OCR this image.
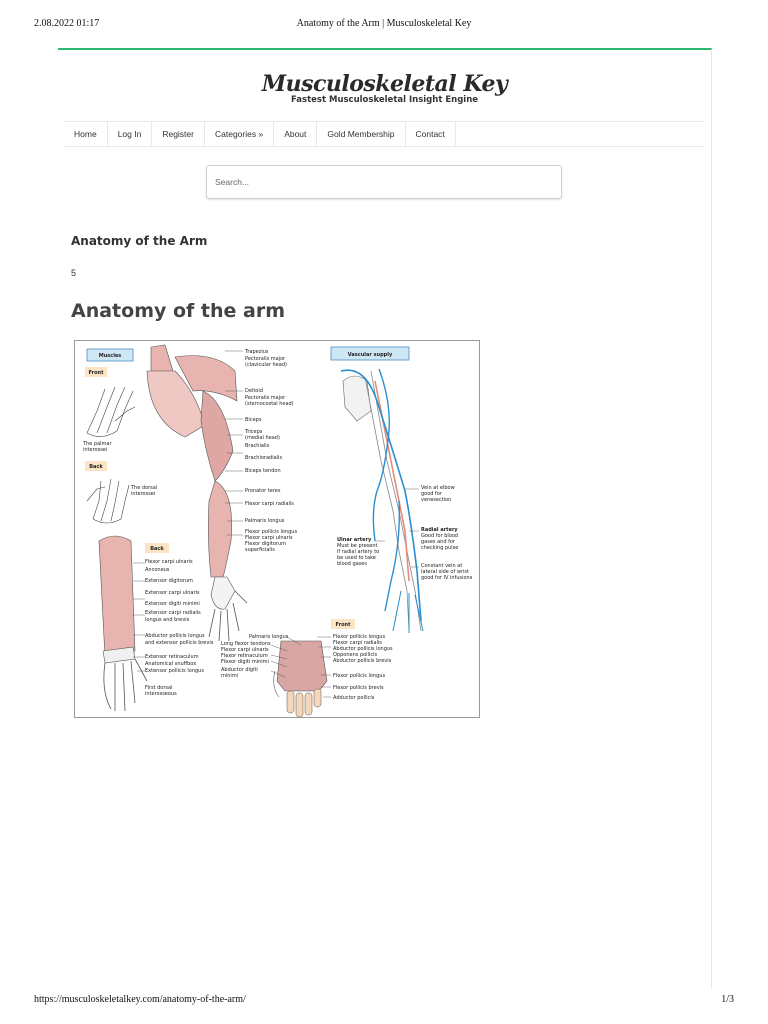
2.08.2022 01:17	Anatomy of the Arm | Musculoskeletal Key
Musculoskeletal Key
Fastest Musculoskeletal Insight Engine
Home	Log In	Register	Categories »	About	Gold Membership	Contact
Search...
Anatomy of the Arm
5
Anatomy of the arm
Muscles	Vascular supply
Front
Back
Back
Front
The palmar
interossei
The dorsal
interossei
Trapezius
Pectoralis major
(clavicular head)
Deltoid
Pectoralis major
(sternocostal head)
Biceps
Triceps
(medial head)
Brachialis
Brachioradialis
Biceps tendon
Pronator teres
Flexor carpi radialis
Palmaris longus
Flexor pollicis longus
Flexor carpi ulnaris
Flexor digitorum
superficialis
Flexor carpi ulnaris
Anconeus
Extensor digitorum
Extensor carpi ulnaris
Extensor digiti minimi
Extensor carpi radialis
longus and brevis
Abductor pollicis longus
and extensor pollicis brevis
Extensor retinaculum
Anatomical snuffbox
Extensor pollicis longus
First dorsal
interosseous
Palmaris longus
Long flexor tendons
Flexor carpi ulnaris
Flexor retinaculum
Flexor digiti minimi
Abductor digiti
minimi
Flexor pollicis longus
Flexor carpi radialis
Abductor pollicis longus
Opponens pollicis
Abductor pollicis brevis
Flexor pollicis longus
Flexor pollicis brevis
Adductor pollicis
Vein at elbow
good for
venesection
Radial artery
Good for blood
gases and for
checking pulse
Ulnar artery
Must be present
if radial artery to
be used to take
blood gases	Constant vein at
lateral side of wrist
good for IV infusions
https://musculoskeletalkey.com/anatomy-of-the-arm/	1/3
